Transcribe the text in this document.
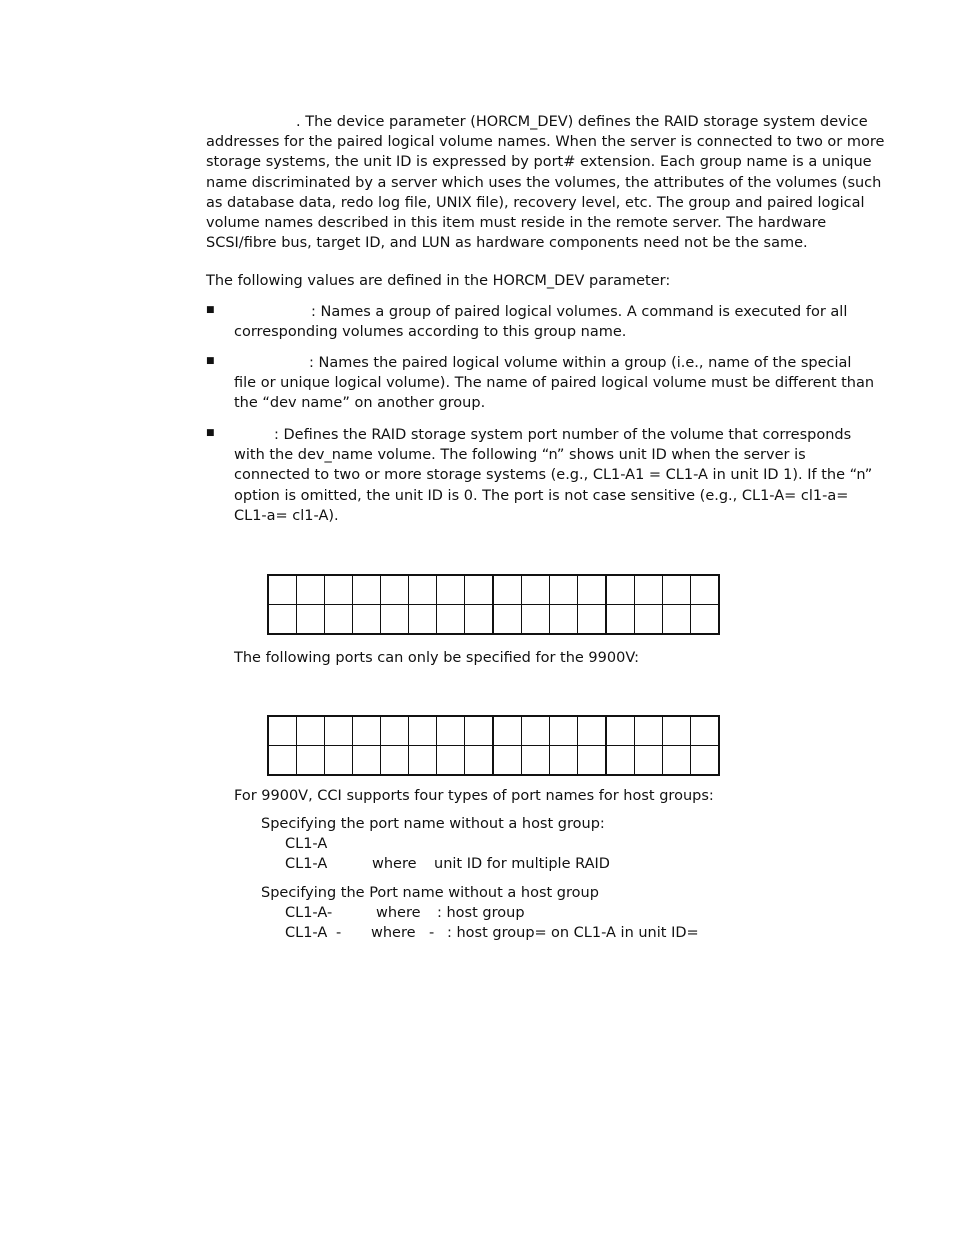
. The device parameter (HORCM_DEV) defines the RAID storage system device
addresses for the paired logical volume names. When the server is connected to two or more
storage systems, the unit ID is expressed by port# extension. Each group name is a unique
name discriminated by a server which uses the volumes, the attributes of the volumes (such
as database data, redo log file, UNIX file), recovery level, etc. The group and paired logical
volume names described in this item must reside in the remote server. The hardware
SCSI/fibre bus, target ID, and LUN as hardware components need not be the same.
The following values are defined in the HORCM_DEV parameter:
■	: Names a group of paired logical volumes. A command is executed for all
corresponding volumes according to this group name.
■	: Names the paired logical volume within a group (i.e., name of the special
file or unique logical volume). The name of paired logical volume must be different than
the “dev name” on another group.
■	: Defines the RAID storage system port number of the volume that corresponds
with the dev_name volume. The following “n” shows unit ID when the server is
connected to two or more storage systems (e.g., CL1-A1 = CL1-A in unit ID 1). If the “n”
option is omitted, the unit ID is 0. The port is not case sensitive (e.g., CL1-A= cl1-a=
CL1-a= cl1-A).

The following ports can only be specified for the 9900V:

For 9900V, CCI supports four types of port names for host groups:
Specifying the port name without a host group:
CL1-A
CL1-A	where unit ID for multiple RAID
Specifying the Port name without a host group
CL1-A-	where : host group
CL1-A - where - : host group= on CL1-A in unit ID=
